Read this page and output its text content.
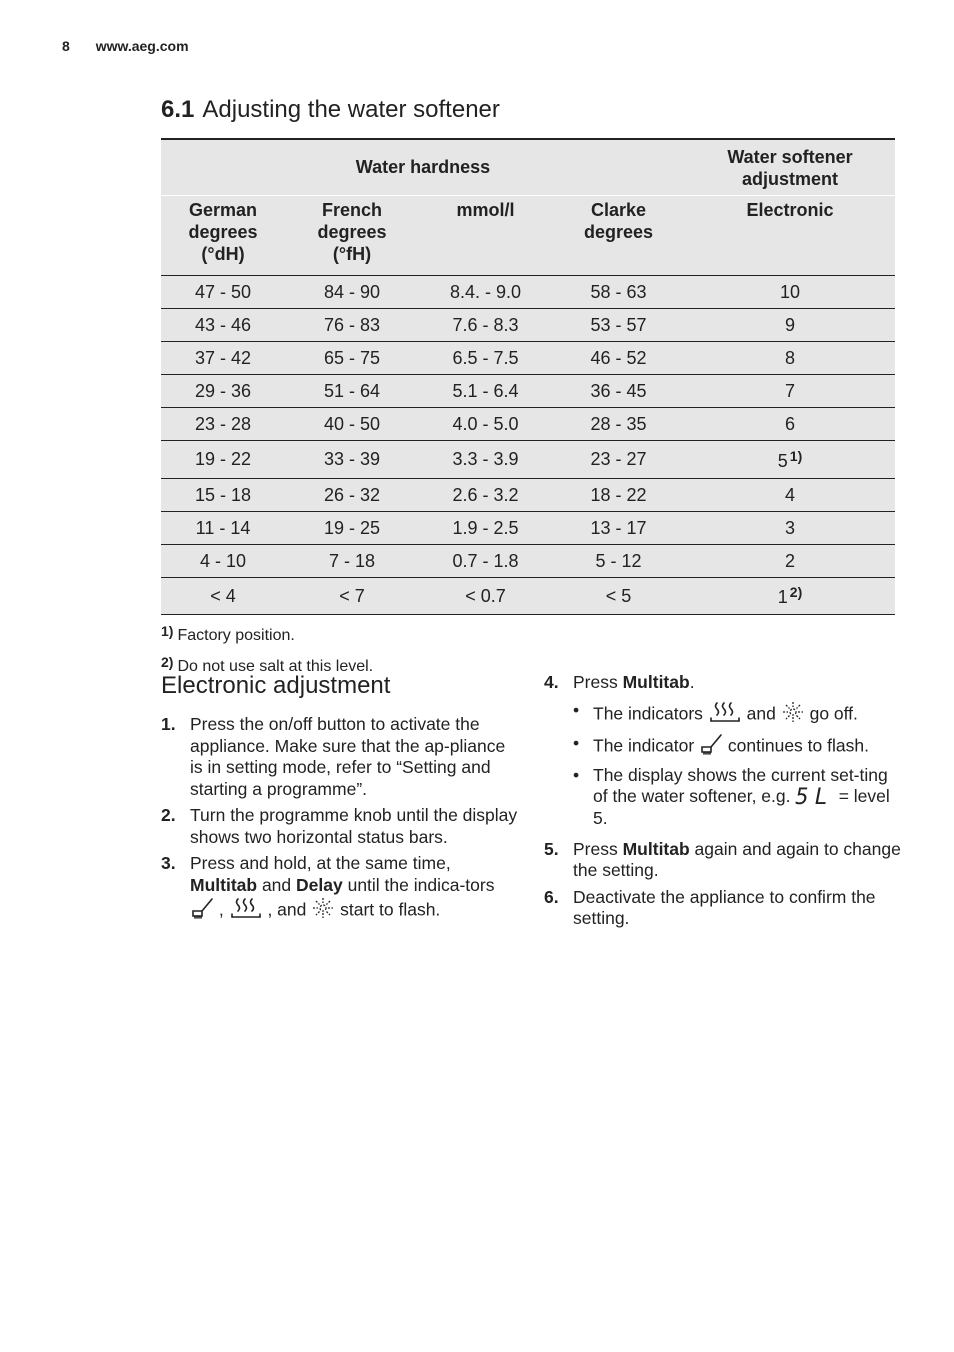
8 www.aeg.com
6.1 Adjusting the water softener
Water hardness				Water softener adjustment
German degrees (°dH)	French degrees (°fH)	mmol/l	Clarke degrees	Electronic
47 - 50	84 - 90	8.4. - 9.0	58 - 63	10
43 - 46	76 - 83	7.6 - 8.3	53 - 57	9
37 - 42	65 - 75	6.5 - 7.5	46 - 52	8
29 - 36	51 - 64	5.1 - 6.4	36 - 45	7
23 - 28	40 - 50	4.0 - 5.0	28 - 35	6
19 - 22	33 - 39	3.3 - 3.9	23 - 27	5 $^{1)}$
15 - 18	26 - 32	2.6 - 3.2	18 - 22	4
11 - 14	19 - 25	1.9 - 2.5	13 - 17	3
4 - 10	7 - 18	0.7 - 1.8	5 - 12	2
< 4	< 7	< 0.7	< 5	1 $^{2)}$
$^{1)}$ Factory position.
$^{2)}$ Do not use salt at this level.
Electronic adjustment
1. Press the on/off button to activate the appliance. Make sure that the ap-pliance is in setting mode, refer to “Setting and starting a programme”.
2. Turn the programme knob until the display shows two horizontal status bars.
3. Press and hold, at the same time, Multitab and Delay until the indica-tors  ,  , and  start to flash.
4. Press Multitab.
• The indicators  and  go off.
• The indicator  continues to flash.
• The display shows the current set-ting of the water softener, e.g. 5L = level 5.
5. Press Multitab again and again to change the setting.
6. Deactivate the appliance to confirm the setting.
